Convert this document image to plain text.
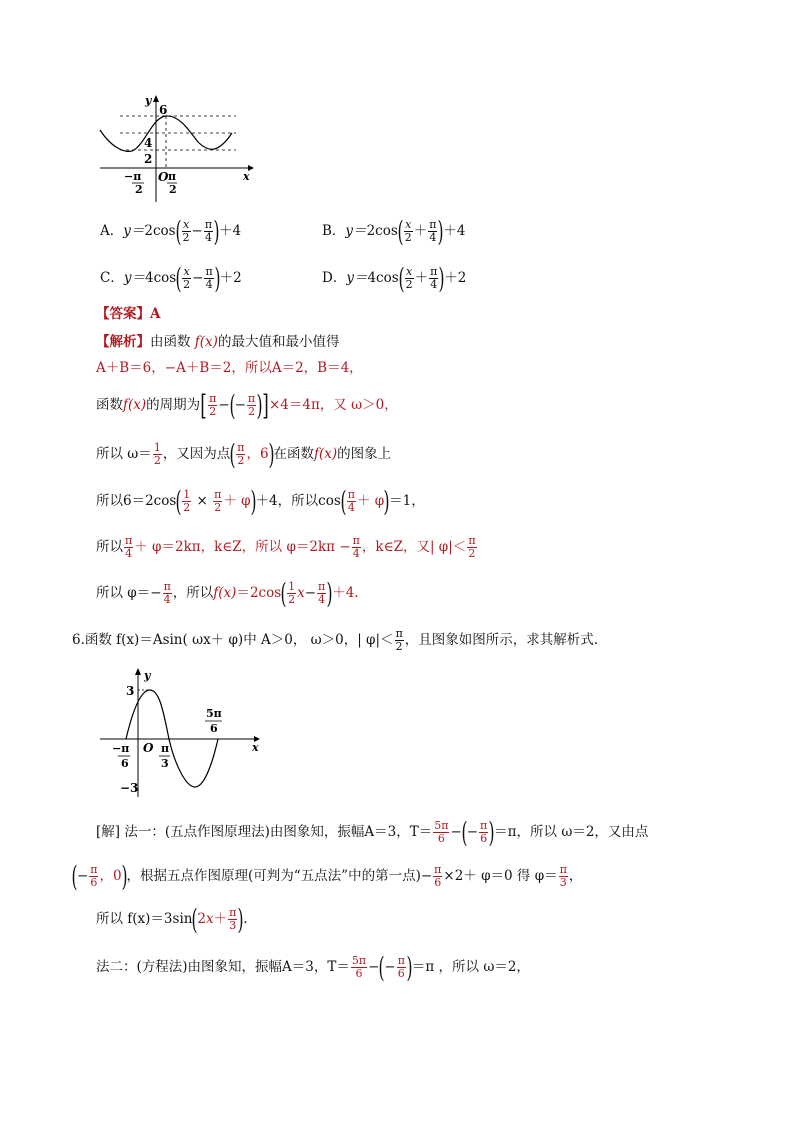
y
x
6
4
2
O
−π
2
π
2
A．$y=2\cos( \frac{x}{2} - \frac{\pi}{4} )+4$	B．$y=2\cos( \frac{x}{2} + \frac{\pi}{4} )+4$
C．$y=4\cos( \frac{x}{2} - \frac{\pi}{4} )+2$	D．$y=4\cos( \frac{x}{2} + \frac{\pi}{4} )+2$
【答案】A
【解析】由函数 f(x)的最大值和最小值得
A＋B＝6，−A＋B＝2，所以A＝2，B＝4，
函数f(x)的周期为[ $\frac{\pi}{2}$ −(− $\frac{\pi}{2} )]\times 4=4\pi$，又 ω＞0，
所以 $\omega= \frac{1}{2}$ ，又因为点( $\frac{\pi}{2}$ ，6)在函数f(x)的图象上
所以$6=2\cos( \frac{1}{2} \times \frac{\pi}{2} + \varphi)+4$，所以$\cos( \frac{\pi}{4} + \varphi)=1$，
所以 $\frac{\pi}{4} + \varphi=2k\pi$，k∈Z，所以 $\varphi=2k\pi - \frac{\pi}{4}$ ，k∈Z，又| $\varphi|< \frac{\pi}{2}$
所以 $\varphi=- \frac{\pi}{4}$ ，所以$f(x)=2\cos( \frac{1}{2} x- \frac{\pi}{4} )+4$.
6.函数 f(x)＝Asin( ωx＋ φ)中 A＞0， ω＞0，| $\varphi|< \frac{\pi}{2}$ ，且图象如图所示，求其解析式.
y
x
3
−3
O
5π
6
−π
6
π
3
[解] 法一：(五点作图原理法)由图象知，振幅A＝3，$T= \frac{5\pi}{6}$ −(− $\frac{\pi}{6} )=\pi$，所以 ω＝2，又由点
(− $\frac{\pi}{6}$ ，0)，根据五点作图原理(可判为“五点法”中的第一点)− $\frac{\pi}{6} \times 2+ \varphi=0$ 得 $\varphi= \frac{\pi}{3}$ ，
所以 $f(x)=3\sin(2x+ \frac{\pi}{3}$ ).
法二：(方程法)由图象知，振幅A＝3，$T= \frac{5\pi}{6}$ −(− $\frac{\pi}{6} )=\pi$ ，所以 ω＝2，
